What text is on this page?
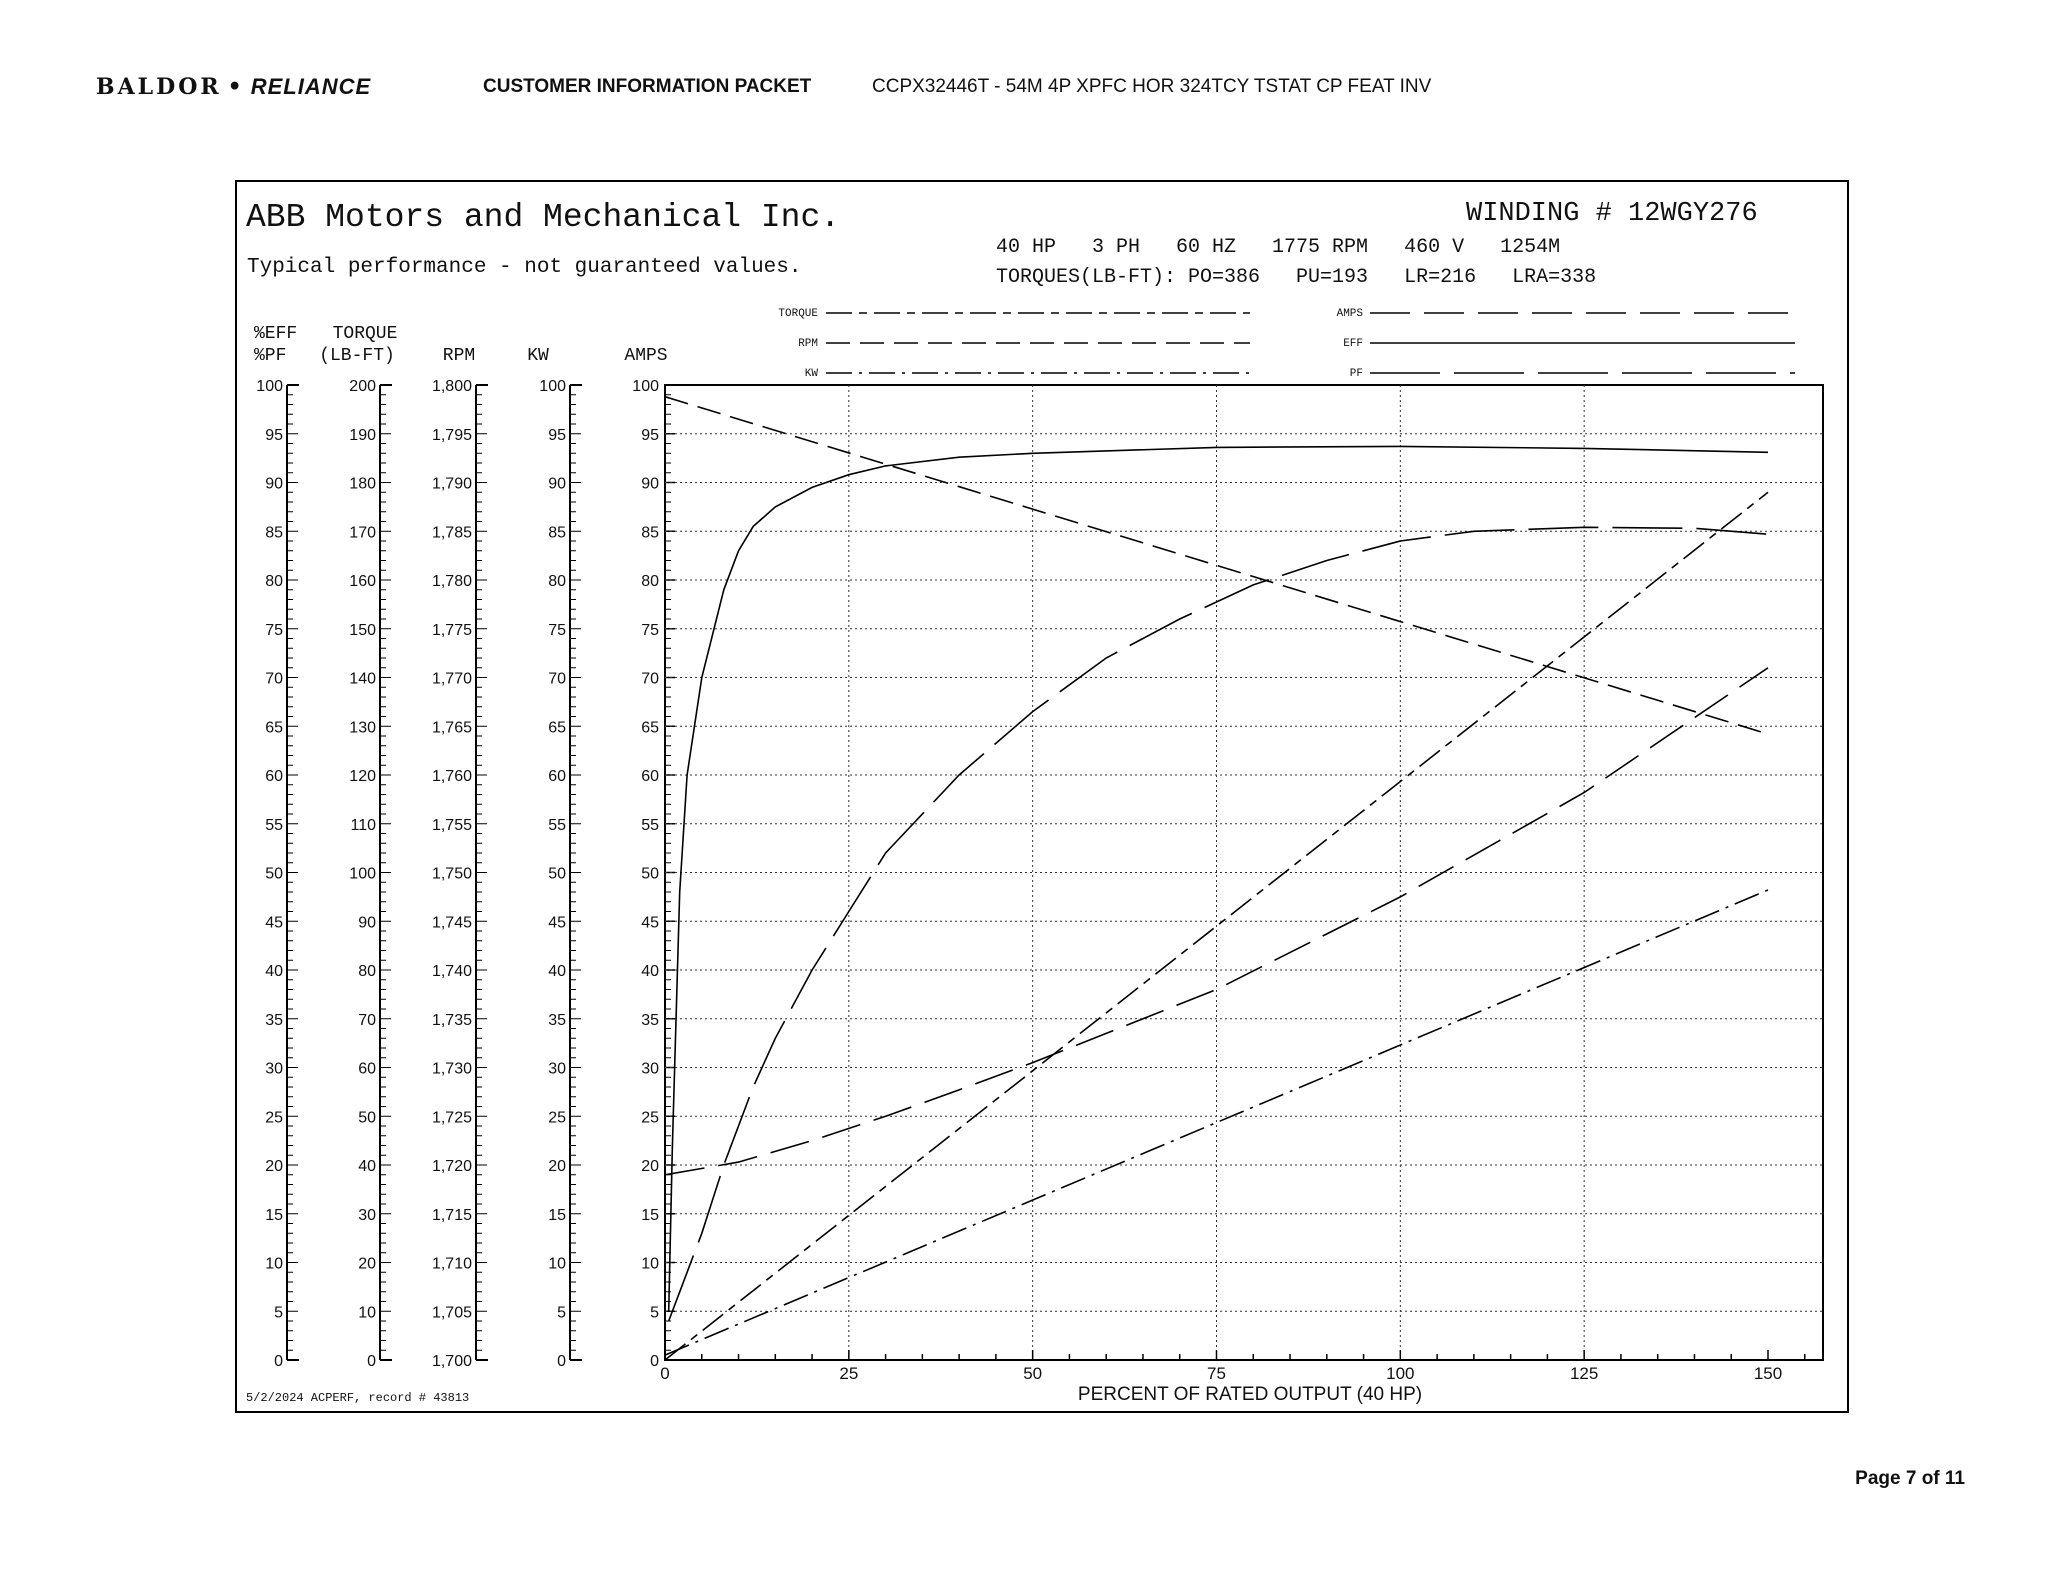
BALDOR • RELIANCE	CUSTOMER INFORMATION PACKET	CCPX32446T - 54M 4P XPFC HOR 324TCY TSTAT CP FEAT INV
ABB Motors and Mechanical Inc.
Typical performance - not guaranteed values.
WINDING # 12WGY276
40 HP   3 PH   60 HZ   1775 RPM   460 V   1254M
TORQUES(LB-FT): PO=386   PU=193   LR=216   LRA=338
5/2/2024 ACPERF, record # 43813
TORQUE
RPM
KW
AMPS
EFF
PF
100
95
90
85
80
75
70
65
60
55
50
45
40
35
30
25
20
15
10
5
0
200
190
180
170
160
150
140
130
120
110
100
90
80
70
60
50
40
30
20
10
0
1,800
1,795
1,790
1,785
1,780
1,775
1,770
1,765
1,760
1,755
1,750
1,745
1,740
1,735
1,730
1,725
1,720
1,715
1,710
1,705
1,700
100
95
90
85
80
75
70
65
60
55
50
45
40
35
30
25
20
15
10
5
0
100
95
90
85
80
75
70
65
60
55
50
45
40
35
30
25
20
15
10
5
0
%EFF
%PF
TORQUE
(LB-FT)	RPM	KW	AMPS
0	25	50	75	100	125	150
PERCENT OF RATED OUTPUT (40 HP)
Page 7 of 11
